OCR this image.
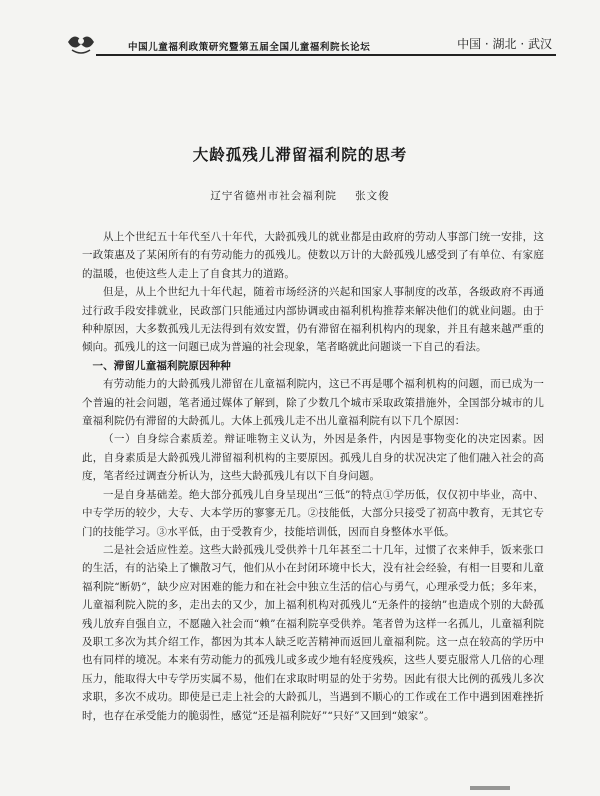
中国儿童福利政策研究暨第五届全国儿童福利院长论坛	中国 · 湖北 · 武汉
大龄孤残儿滞留福利院的思考
辽宁省德州市社会福利院 张文俊

从上个世纪五十年代至八十年代，大龄孤残儿的就业都是由政府的劳动人事部门统一安排，这一政策惠及了某闲所有的有劳动能力的孤残儿。使数以万计的大龄孤残儿感受到了有单位、有家庭的温暖，也使这些人走上了自食其力的道路。

但是，从上个世纪九十年代起，随着市场经济的兴起和国家人事制度的改革，各级政府不再通过行政手段安排就业，民政部门只能通过内部协调或由福利机构推荐来解决他们的就业问题。由于种种原因，大多数孤残儿无法得到有效安置，仍有滞留在福利机构内的现象，并且有越来越严重的倾向。孤残儿的这一问题已成为普遍的社会现象，笔者略就此问题谈一下自己的看法。

一、滞留儿童福利院原因种种

有劳动能力的大龄孤残儿滞留在儿童福利院内，这已不再是哪个福利机构的问题，而已成为一个普遍的社会问题，笔者通过媒体了解到，除了少数几个城市采取政策措施外，全国部分城市的儿童福利院仍有滞留的大龄孤儿。大体上孤残儿走不出儿童福利院有以下几个原因：

（一）自身综合素质差。辩证唯物主义认为，外因是条件，内因是事物变化的决定因素。因此，自身素质是大龄孤残儿滞留福利机构的主要原因。孤残儿自身的状况决定了他们融入社会的高度，笔者经过调查分析认为，这些大龄孤残儿有以下自身问题。

一是自身基础差。绝大部分孤残儿自身呈现出“三低”的特点①学历低，仅仅初中毕业，高中、中专学历的较少，大专、大本学历的寥寥无几。②技能低，大部分只接受了初高中教育，无其它专门的技能学习。③水平低，由于受教育少，技能培训低，因而自身整体水平低。

二是社会适应性差。这些大龄孤残儿受供养十几年甚至二十几年，过惯了衣来伸手，饭来张口的生活，有的沾染上了懒散习气，他们从小在封闭环境中长大，没有社会经验，有相一目要和儿童福利院“断奶”，缺少应对困难的能力和在社会中独立生活的信心与勇气，心理承受力低；多年来，儿童福利院入院的多，走出去的又少，加上福利机构对孤残儿“无条件的接纳”也造成个别的大龄孤残儿放弃自强自立，不愿融入社会而“赖”在福利院享受供养。笔者曾为这样一名孤儿，儿童福利院及职工多次为其介绍工作，都因为其本人缺乏吃苦精神而返回儿童福利院。这一点在较高的学历中也有同样的境况。本来有劳动能力的孤残儿或多或少地有轻度残疾，这些人要克服常人几倍的心理压力，能取得大中专学历实属不易，他们在求取时明显的处于劣势。因此有很大比例的孤残儿多次求职，多次不成功。即使是已走上社会的大龄孤儿，当遇到不顺心的工作或在工作中遇到困难挫折时，也存在承受能力的脆弱性，感觉“还是福利院好”“只好”又回到“娘家”。
